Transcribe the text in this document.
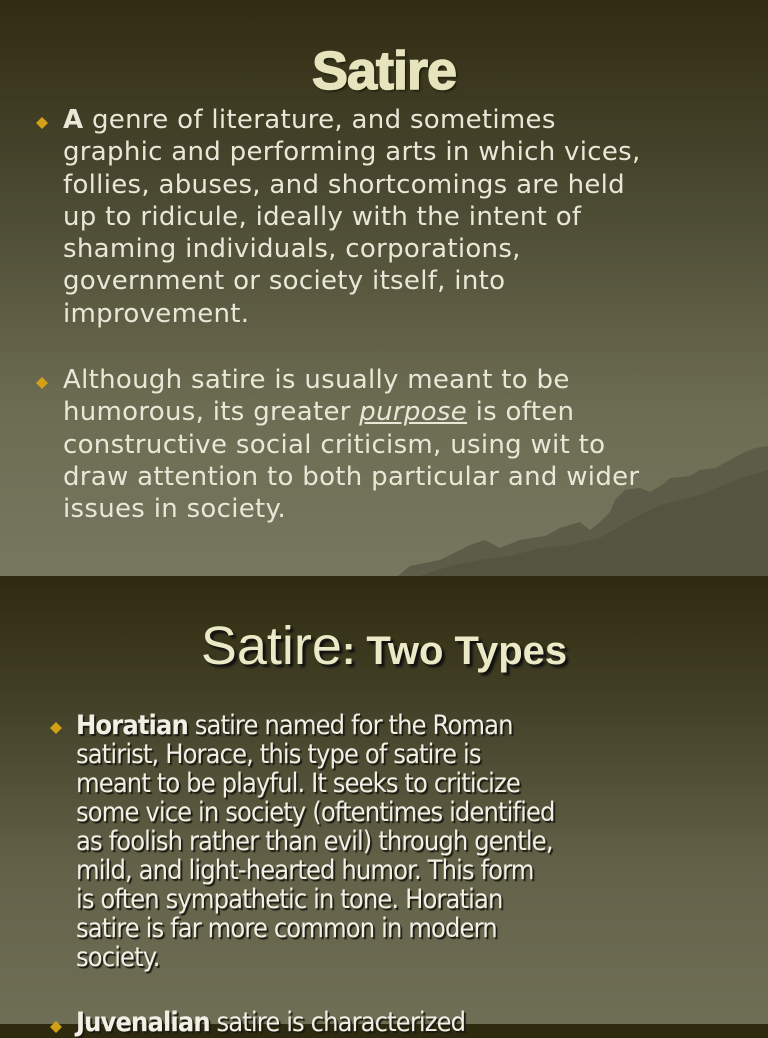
Satire
A genre of literature, and sometimes
graphic and performing arts in which vices,
follies, abuses, and shortcomings are held
up to ridicule, ideally with the intent of
shaming individuals, corporations,
government or society itself, into
improvement.
Although satire is usually meant to be
humorous, its greater purpose is often
constructive social criticism, using wit to
draw attention to both particular and wider
issues in society.
Satire: Two Types
Horatian satire named for the Roman
satirist, Horace, this type of satire is
meant to be playful. It seeks to criticize
some vice in society (oftentimes identified
as foolish rather than evil) through gentle,
mild, and light-hearted humor. This form
is often sympathetic in tone. Horatian
satire is far more common in modern
society.
Juvenalian satire is characterized
